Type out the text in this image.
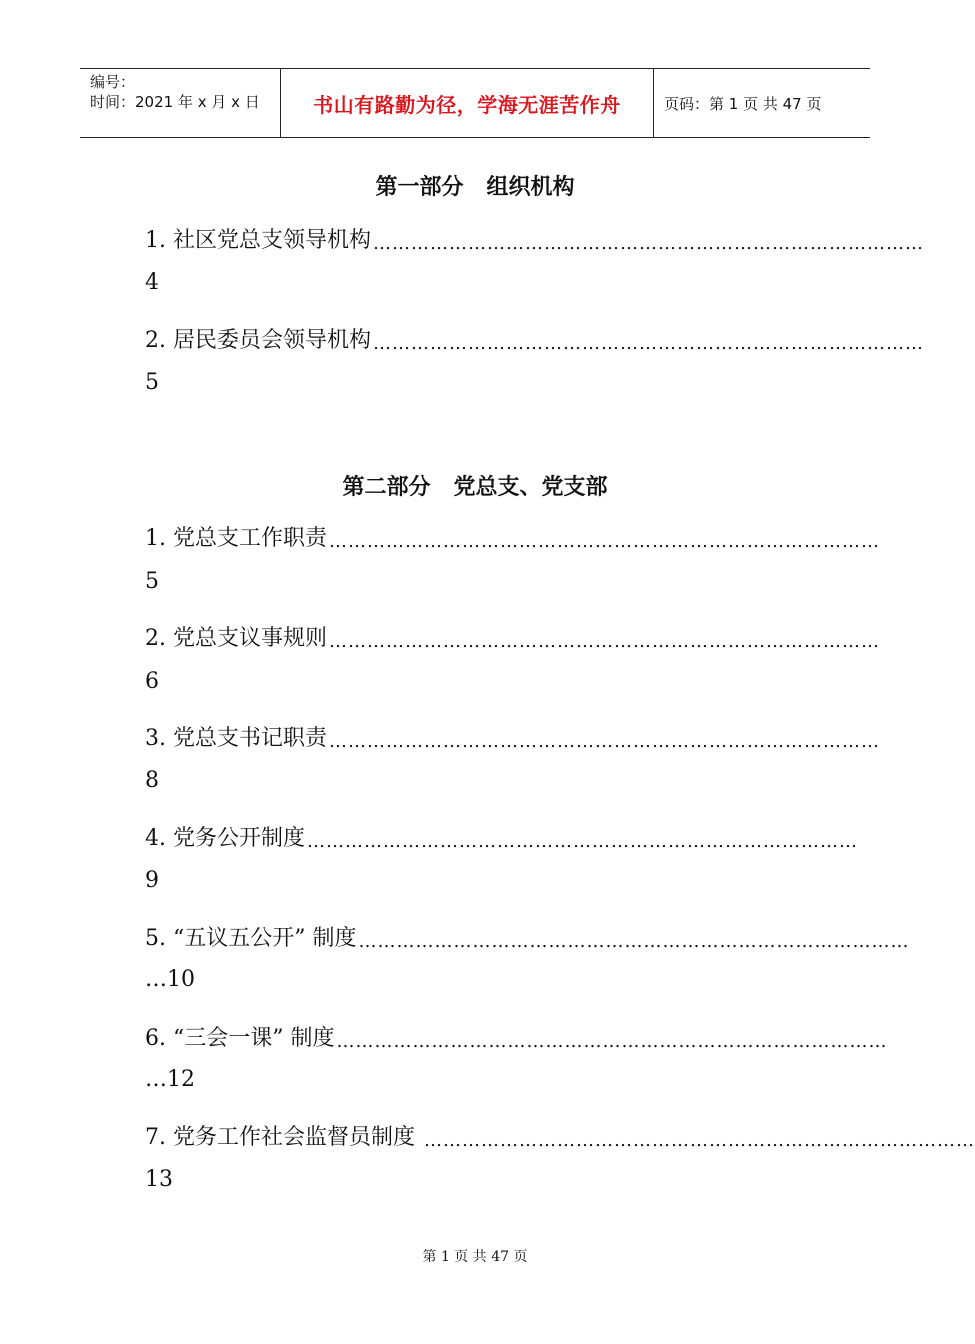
编号：
时间：2021 年 x 月 x 日	书山有路勤为径，学海无涯苦作舟	页码：第 1 页 共 47 页
第一部分   组织机构
1. 社区党总支领导机构 ……………………………………………………………………………
4
2. 居民委员会领导机构 ……………………………………………………………………………
5
第二部分   党总支、党支部
1. 党总支工作职责 ……………………………………………………………………………
5
2. 党总支议事规则 ……………………………………………………………………………
6
3. 党总支书记职责 ……………………………………………………………………………
8
4. 党务公开制度 ……………………………………………………………………………
9
5. “五议五公开” 制度 ……………………………………………………………………………
…10
6. “三会一课” 制度 ……………………………………………………………………………
…12
7. 党务工作社会监督员制度 ……………………………………………………………………………
13
第 1 页 共 47 页
